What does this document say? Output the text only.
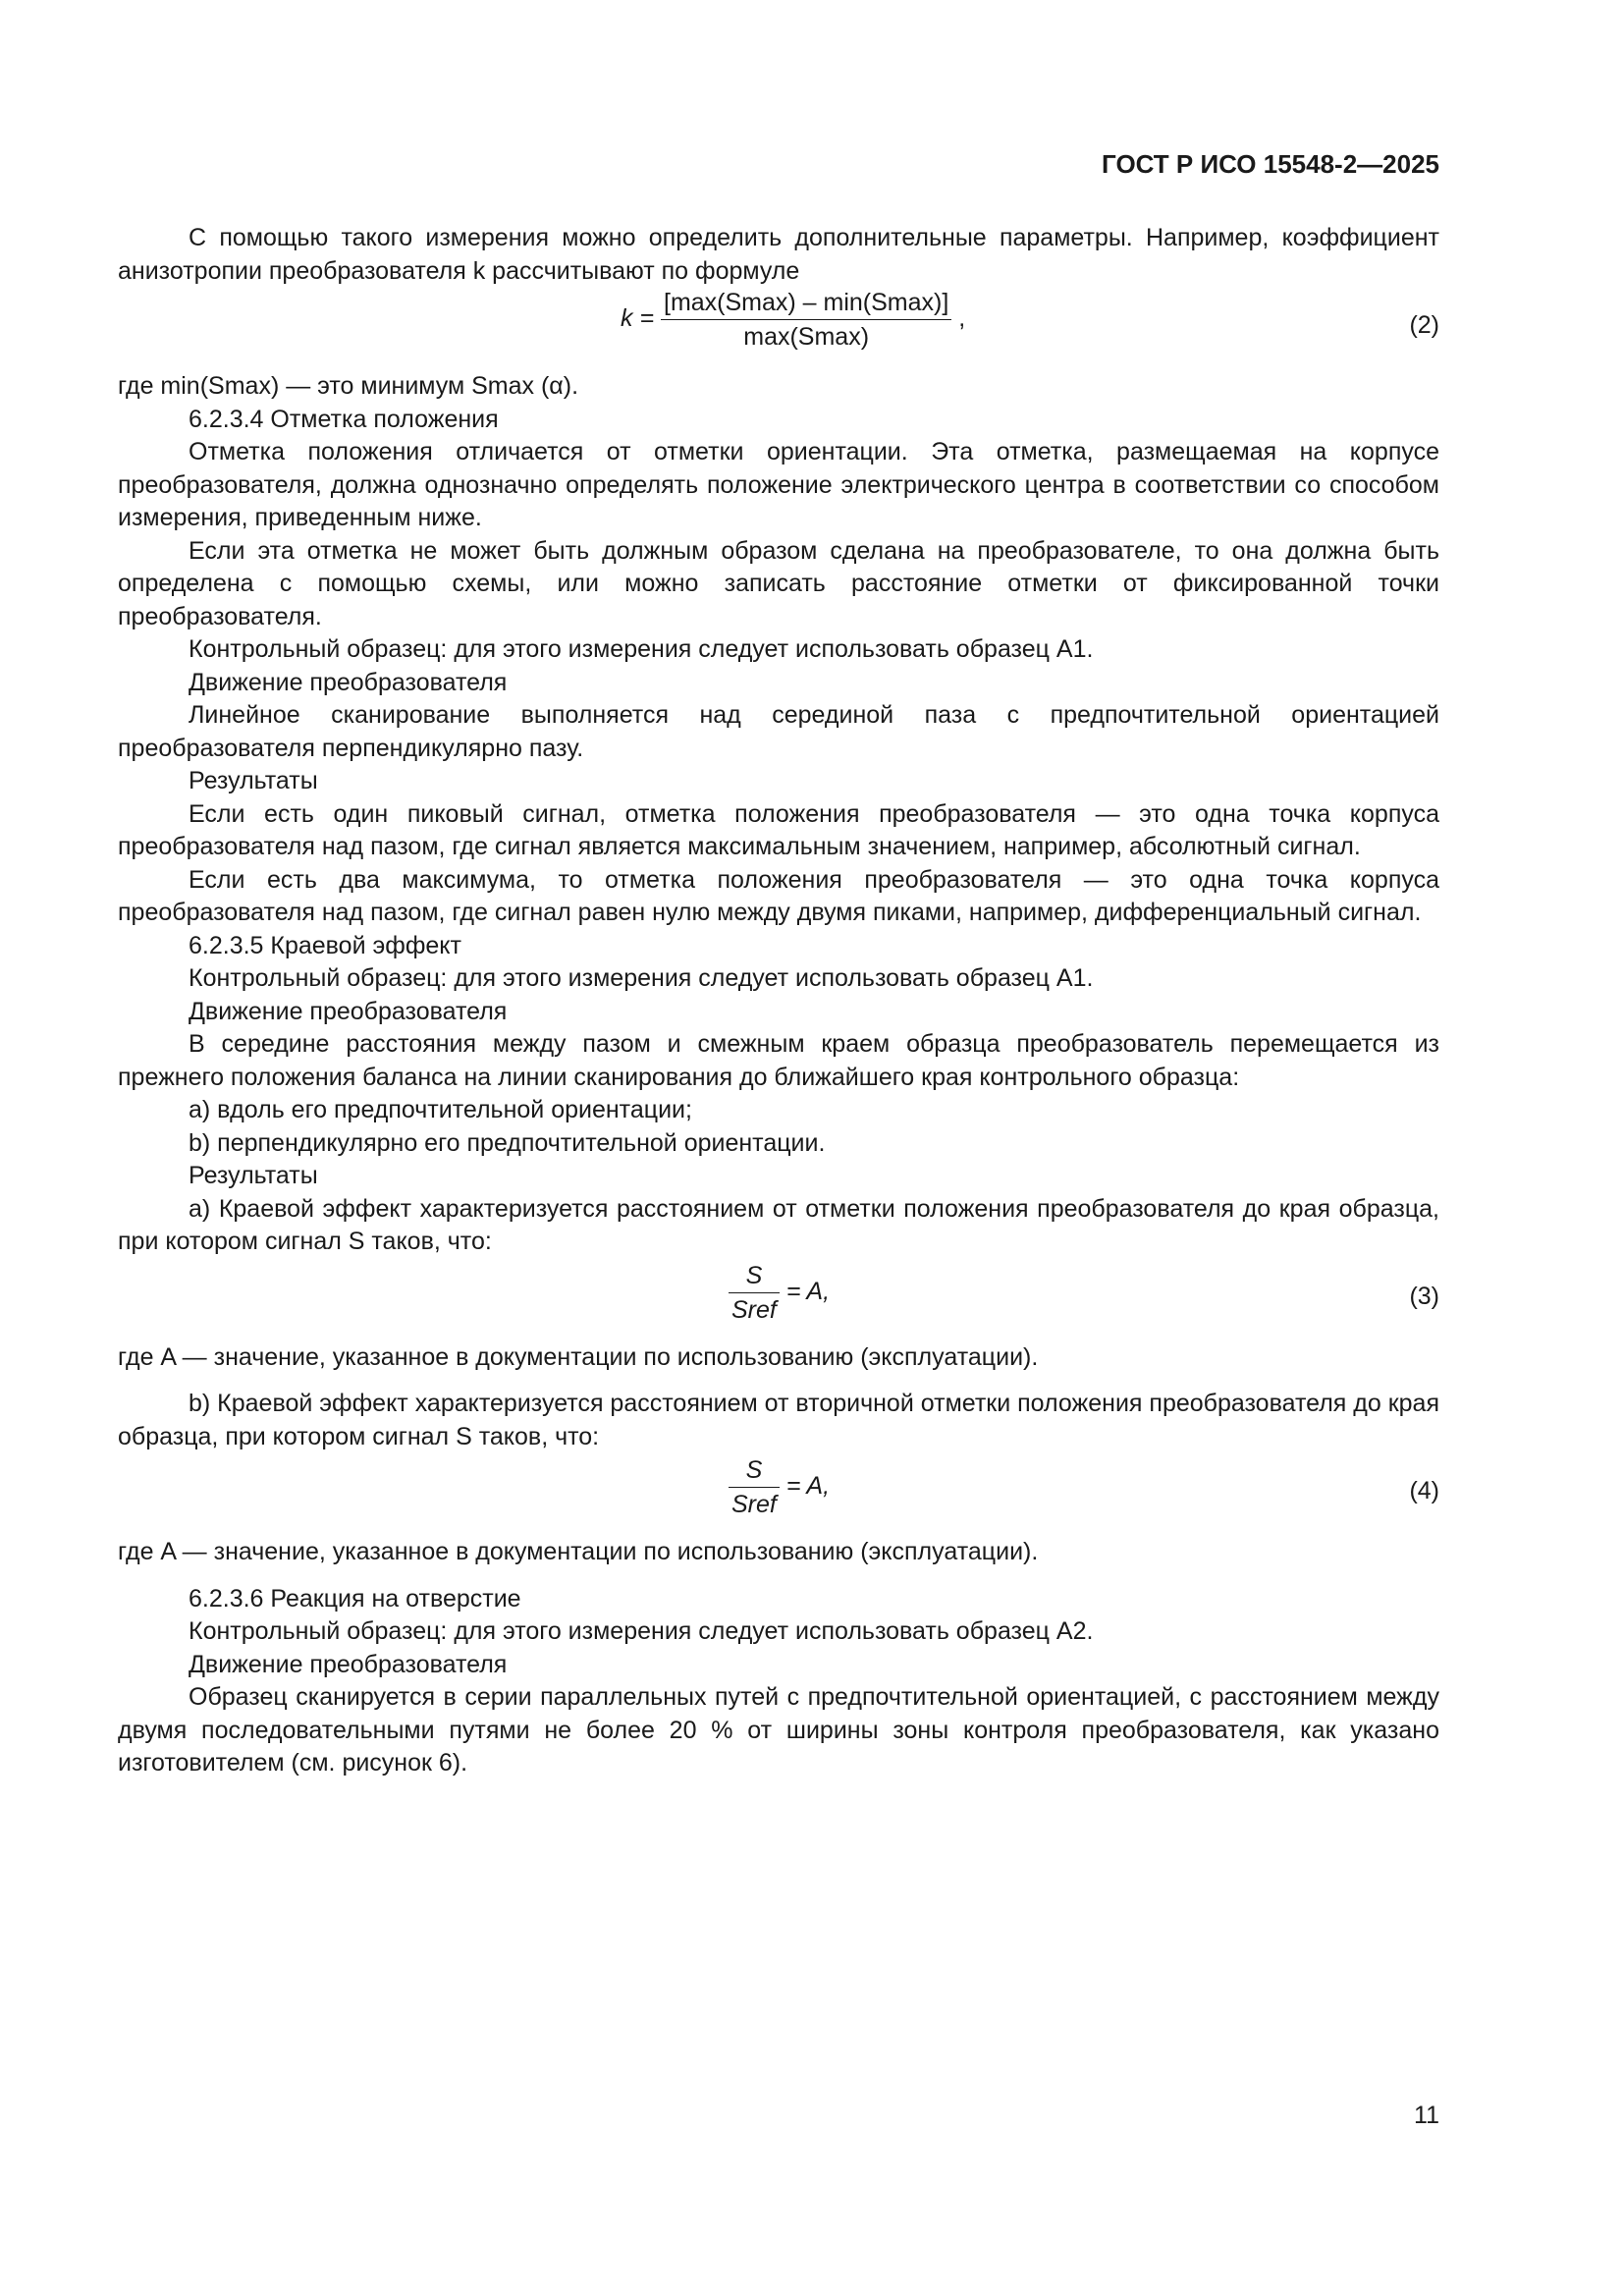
ГОСТ Р ИСО 15548-2—2025

С помощью такого измерения можно определить дополнительные параметры. Например, коэффициент анизотропии преобразователя k рассчитывают по формуле

$k = \frac{[\max(Smax) - \min(Smax)]}{\max(Smax)}$ ,	(2)

где min(Smax) — это минимум Smax (α).

6.2.3.4 Отметка положения

Отметка положения отличается от отметки ориентации. Эта отметка, размещаемая на корпусе преобразователя, должна однозначно определять положение электрического центра в соответствии со способом измерения, приведенным ниже.

Если эта отметка не может быть должным образом сделана на преобразователе, то она должна быть определена с помощью схемы, или можно записать расстояние отметки от фиксированной точки преобразователя.

Контрольный образец: для этого измерения следует использовать образец А1.

Движение преобразователя

Линейное сканирование выполняется над серединой паза с предпочтительной ориентацией преобразователя перпендикулярно пазу.

Результаты

Если есть один пиковый сигнал, отметка положения преобразователя — это одна точка корпуса преобразователя над пазом, где сигнал является максимальным значением, например, абсолютный сигнал.

Если есть два максимума, то отметка положения преобразователя — это одна точка корпуса преобразователя над пазом, где сигнал равен нулю между двумя пиками, например, дифференциальный сигнал.

6.2.3.5 Краевой эффект

Контрольный образец: для этого измерения следует использовать образец А1.

Движение преобразователя

В середине расстояния между пазом и смежным краем образца преобразователь перемещается из прежнего положения баланса на линии сканирования до ближайшего края контрольного образца:

а) вдоль его предпочтительной ориентации;

b) перпендикулярно его предпочтительной ориентации.

Результаты

а) Краевой эффект характеризуется расстоянием от отметки положения преобразователя до края образца, при котором сигнал S таков, что:

$\frac{S}{\text{Sref}} = A$,	(3)

где A — значение, указанное в документации по использованию (эксплуатации).

b) Краевой эффект характеризуется расстоянием от вторичной отметки положения преобразователя до края образца, при котором сигнал S таков, что:

$\frac{S}{\text{Sref}} = A$,	(4)

где A — значение, указанное в документации по использованию (эксплуатации).

6.2.3.6 Реакция на отверстие

Контрольный образец: для этого измерения следует использовать образец А2.

Движение преобразователя

Образец сканируется в серии параллельных путей с предпочтительной ориентацией, с расстоянием между двумя последовательными путями не более 20 % от ширины зоны контроля преобразователя, как указано изготовителем (см. рисунок 6).

11
